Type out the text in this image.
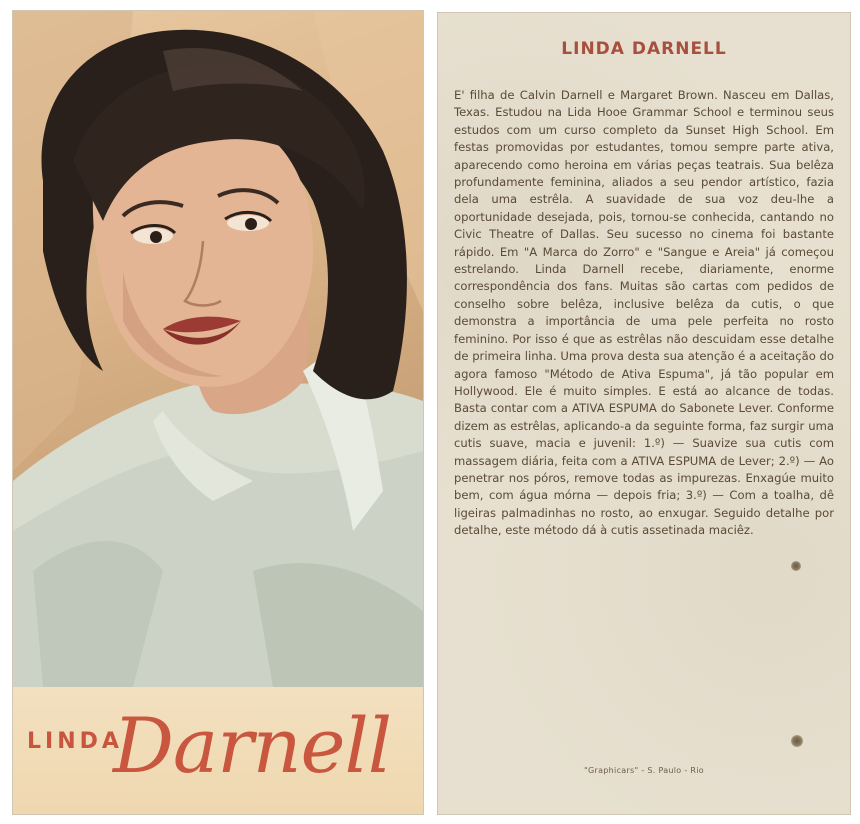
LINDA
Darnell
LINDA DARNELL
E' filha de Calvin Darnell e Margaret Brown. Nasceu em Dallas, Texas. Estudou na Lida Hooe Grammar School e terminou seus estudos com um curso completo da Sunset High School. Em festas promovidas por estudantes, tomou sempre parte ativa, aparecendo como heroina em várias peças teatrais. Sua belêza profundamente feminina, aliados a seu pendor artístico, fazia dela uma estrêla. A suavidade de sua voz deu-lhe a oportunidade desejada, pois, tornou-se conhecida, cantando no Civic Theatre of Dallas. Seu sucesso no cinema foi bastante rápido. Em "A Marca do Zorro" e "Sangue e Areia" já começou estrelando. Linda Darnell recebe, diariamente, enorme correspondência dos fans. Muitas são cartas com pedidos de conselho sobre belêza, inclusive belêza da cutis, o que demonstra a importância de uma pele perfeita no rosto feminino. Por isso é que as estrêlas não descuidam esse detalhe de primeira linha. Uma prova desta sua atenção é a aceitação do agora famoso "Método de Ativa Espuma", já tão popular em Hollywood. Ele é muito simples. E está ao alcance de todas. Basta contar com a ATIVA ESPUMA do Sabonete Lever. Conforme dizem as estrêlas, aplicando-a da seguinte forma, faz surgir uma cutis suave, macia e juvenil: 1.º) — Suavize sua cutis com massagem diária, feita com a ATIVA ESPUMA de Lever; 2.º) — Ao penetrar nos póros, remove todas as impurezas. Enxagúe muito bem, com água mórna — depois fria; 3.º) — Com a toalha, dê ligeiras palmadinhas no rosto, ao enxugar. Seguido detalhe por detalhe, este método dá à cutis assetinada maciêz.
"Graphicars" - S. Paulo - Rio
